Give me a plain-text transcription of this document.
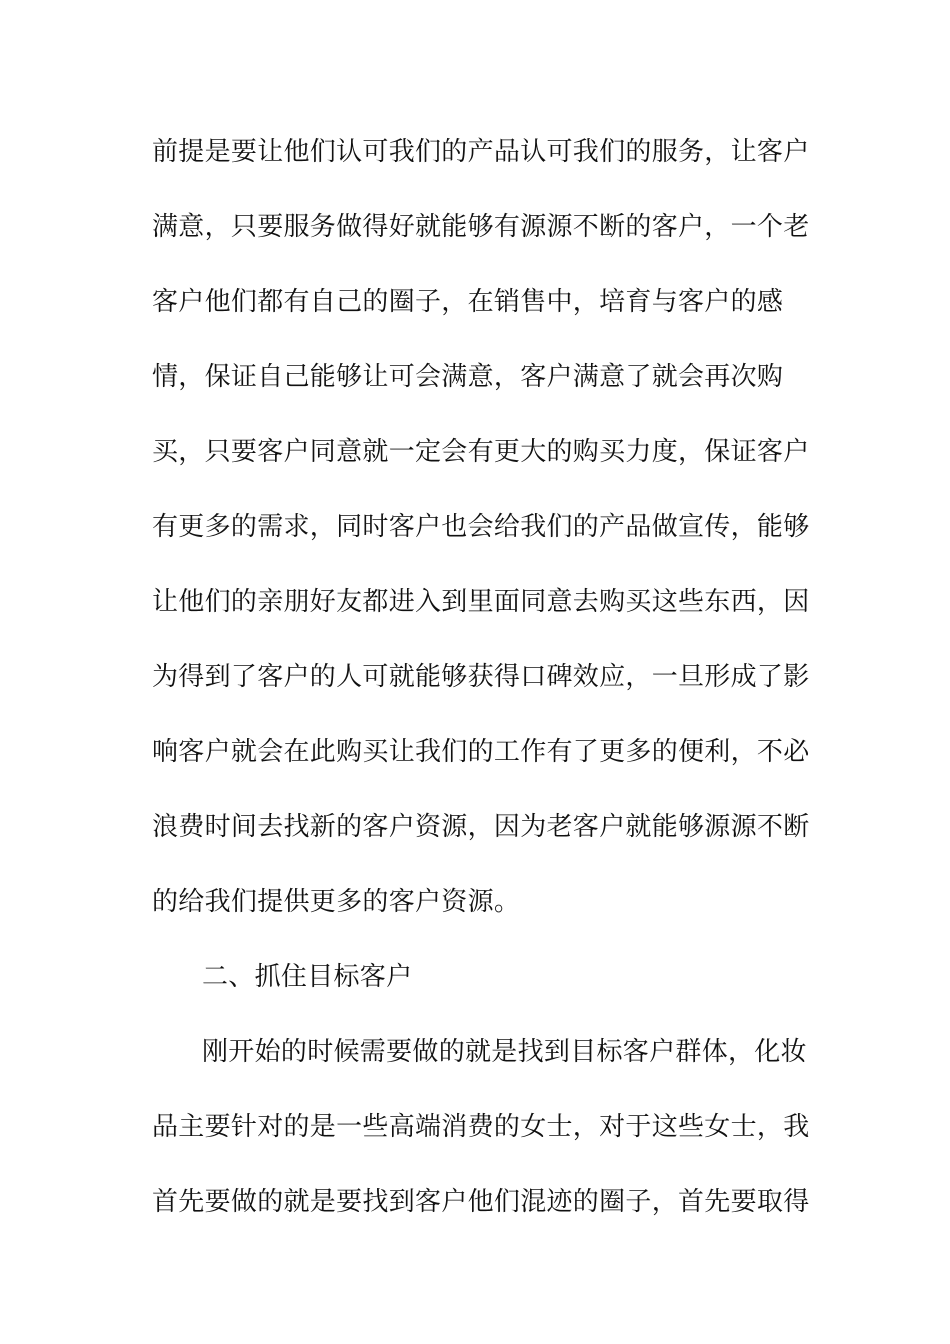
前提是要让他们认可我们的产品认可我们的服务，让客户

满意，只要服务做得好就能够有源源不断的客户，一个老

客户他们都有自己的圈子，在销售中，培育与客户的感

情，保证自己能够让可会满意，客户满意了就会再次购

买，只要客户同意就一定会有更大的购买力度，保证客户

有更多的需求，同时客户也会给我们的产品做宣传，能够

让他们的亲朋好友都进入到里面同意去购买这些东西，因

为得到了客户的人可就能够获得口碑效应，一旦形成了影

响客户就会在此购买让我们的工作有了更多的便利，不必

浪费时间去找新的客户资源，因为老客户就能够源源不断

的给我们提供更多的客户资源。

二、抓住目标客户

刚开始的时候需要做的就是找到目标客户群体，化妆

品主要针对的是一些高端消费的女士，对于这些女士，我

首先要做的就是要找到客户他们混迹的圈子，首先要取得
